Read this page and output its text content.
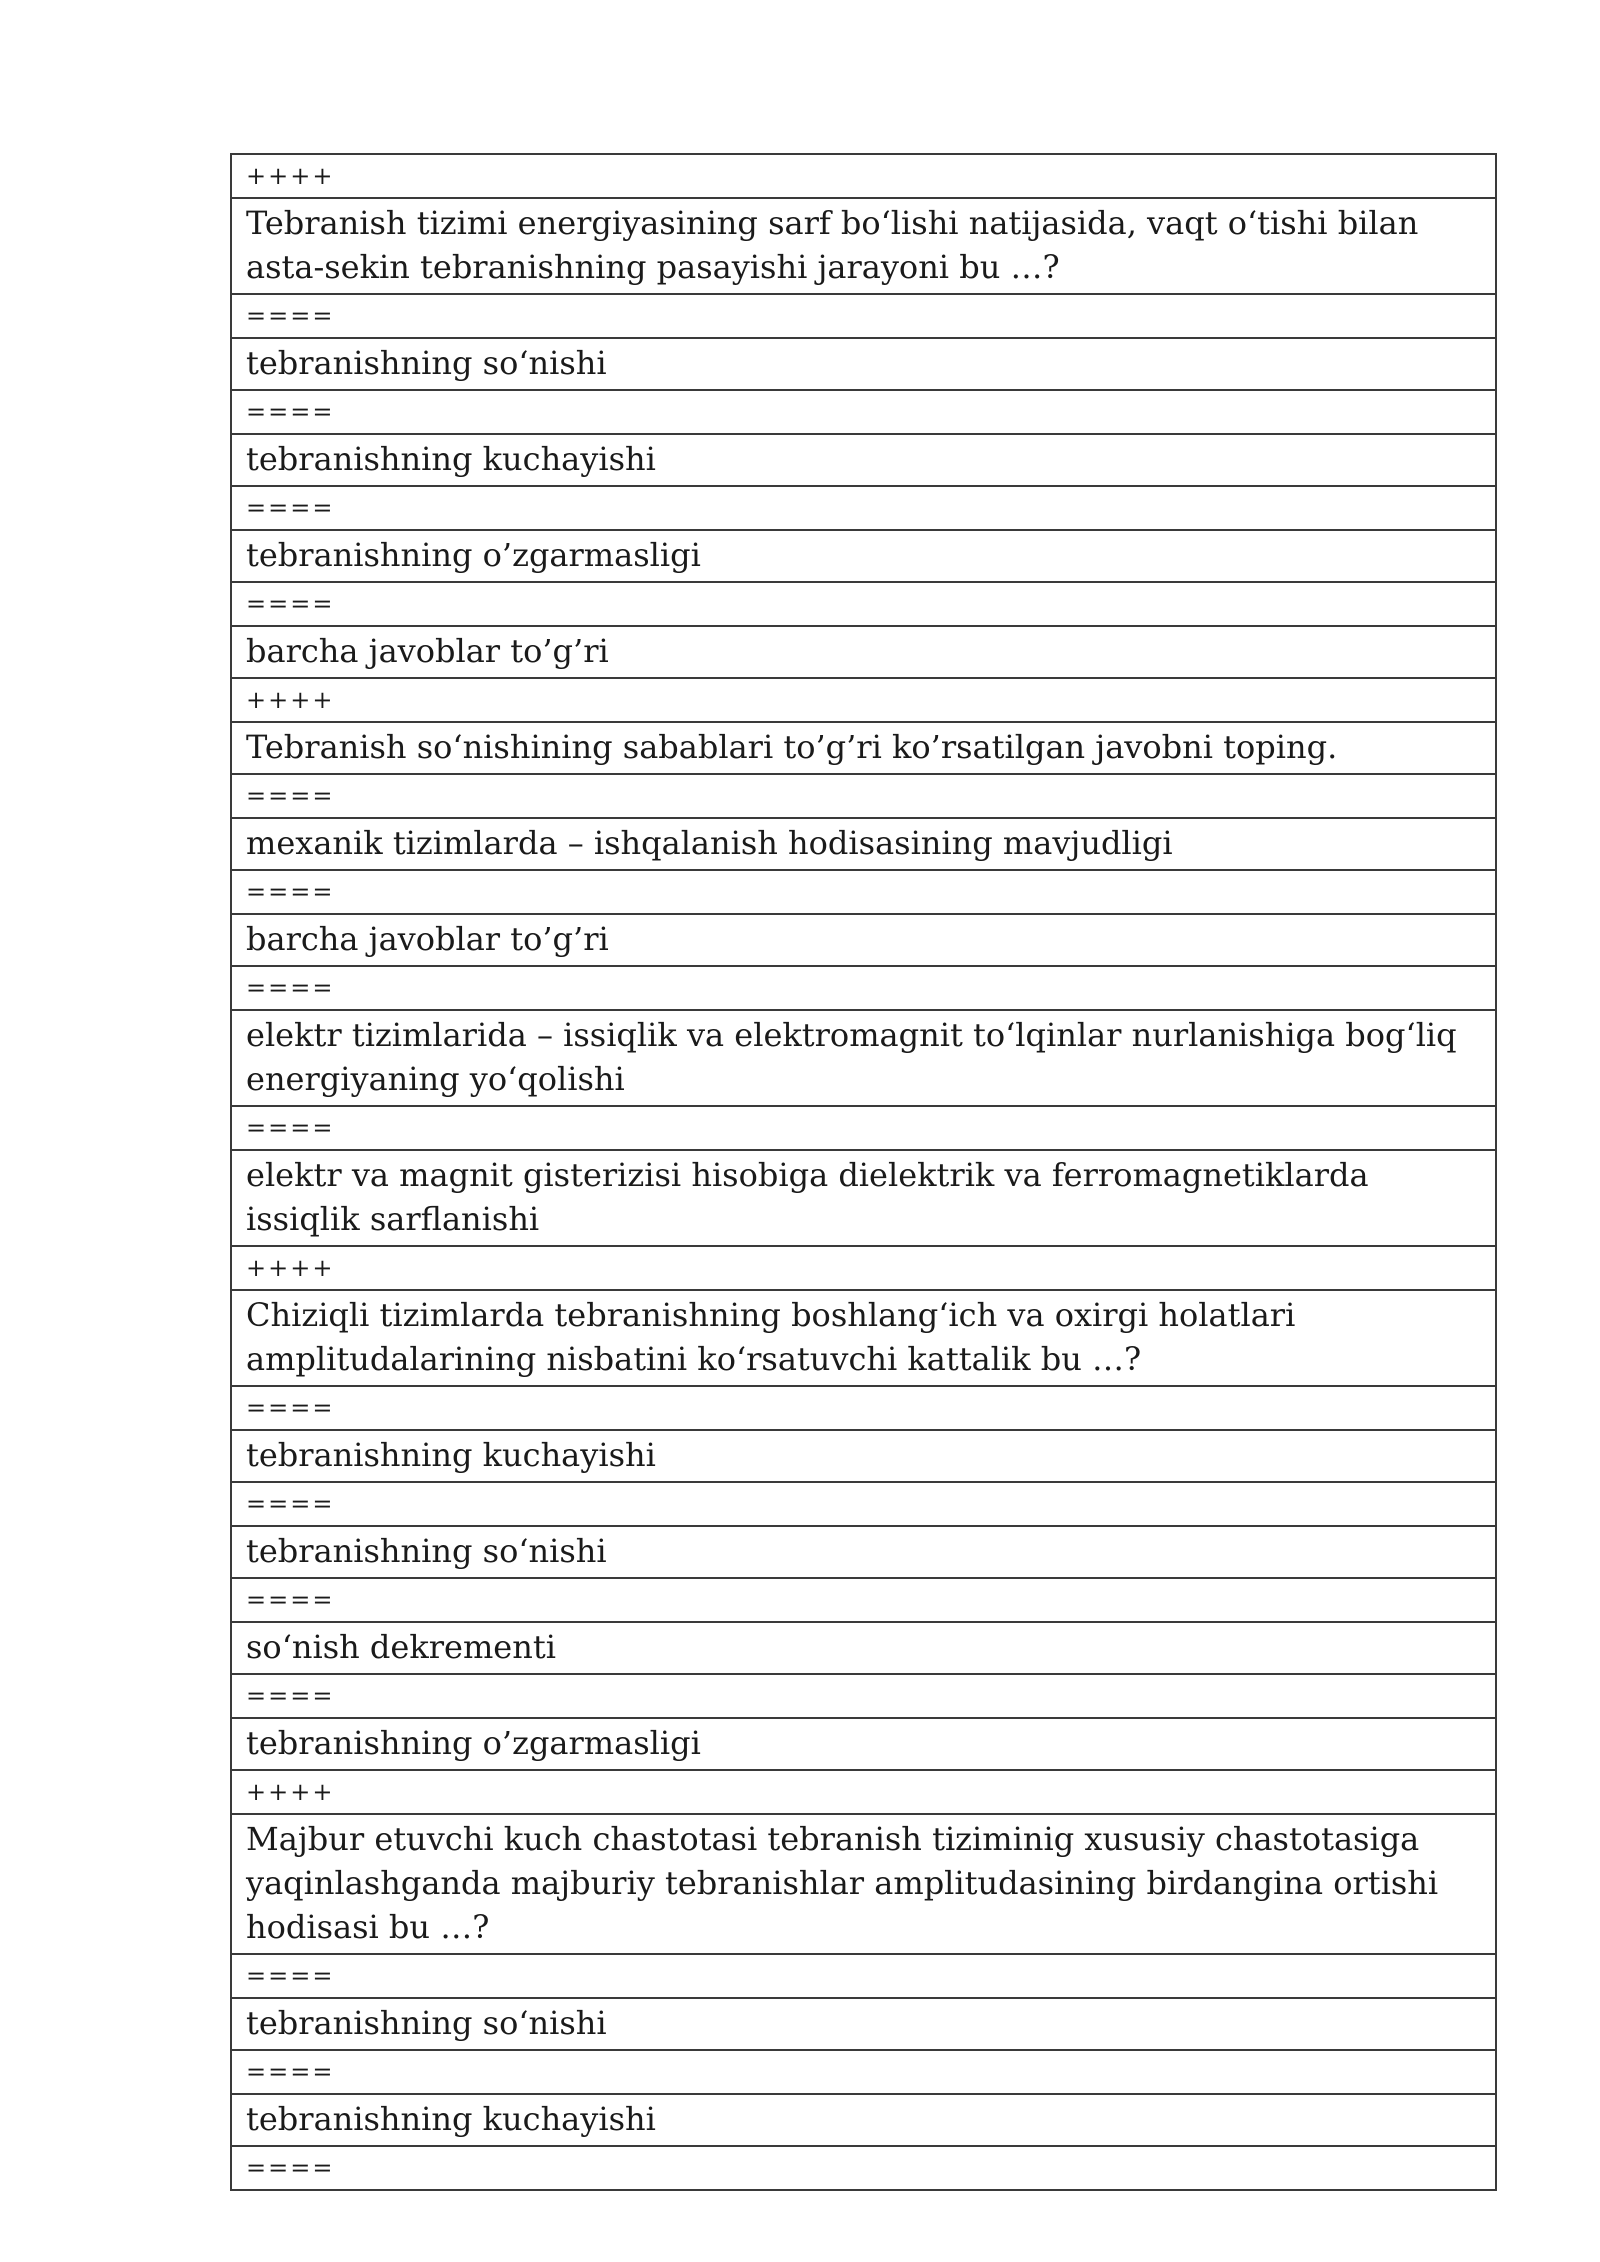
++++
Tebranish tizimi energiyasining sarf bo‘lishi natijasida, vaqt o‘tishi bilan asta-sekin tebranishning pasayishi jarayoni bu …?
====
tebranishning so‘nishi
====
tebranishning kuchayishi
====
tebranishning o’zgarmasligi
====
barcha javoblar to’g’ri
++++
Tebranish so‘nishining sabablari to’g’ri ko’rsatilgan javobni toping.
====
mexanik tizimlarda – ishqalanish hodisasining mavjudligi
====
barcha javoblar to’g’ri
====
elektr tizimlarida – issiqlik va elektromagnit to‘lqinlar nurlanishiga bog‘liq energiyaning yo‘qolishi
====
elektr va magnit gisterizisi hisobiga dielektrik va ferromagnetiklarda issiqlik sarflanishi
++++
Chiziqli tizimlarda tebranishning boshlang‘ich va oxirgi holatlari amplitudalarining nisbatini ko‘rsatuvchi kattalik bu …?
====
tebranishning kuchayishi
====
tebranishning so‘nishi
====
so‘nish dekrementi
====
tebranishning o’zgarmasligi
++++
Majbur etuvchi kuch chastotasi tebranish tiziminig xususiy chastotasiga yaqinlashganda majburiy tebranishlar amplitudasining birdangina ortishi hodisasi bu …?
====
tebranishning so‘nishi
====
tebranishning kuchayishi
====
